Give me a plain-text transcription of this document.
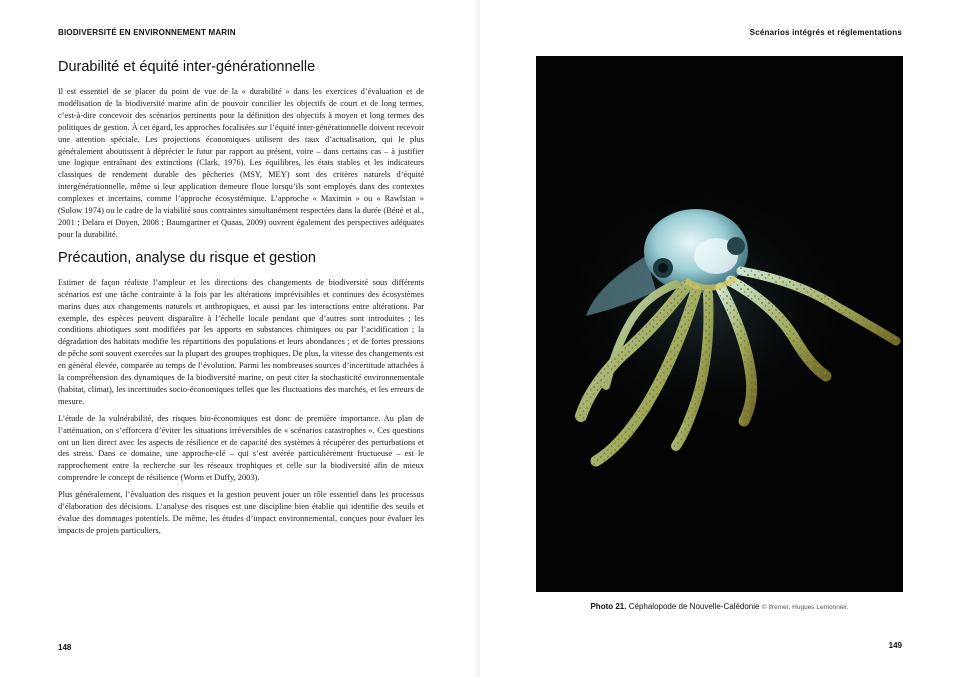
BIODIVERSITÉ EN ENVIRONNEMENT MARIN
Durabilité et équité inter-générationnelle

Il est essentiel de se placer du point de vue de la « durabilité » dans les exercices d’évaluation et de modélisation de la biodiversité marine afin de pouvoir concilier les objectifs de court et de long termes, c’est-à-dire concevoir des scénarios pertinents pour la définition des objectifs à moyen et long termes des politiques de gestion. À cet égard, les approches focalisées sur l’équité inter-générationnelle doivent recevoir une attention spéciale. Les projections économiques utilisent des taux d’actualisation, qui le plus généralement aboutissent à déprécier le futur par rapport au présent, voire – dans certains cas – à justifier une logique entraînant des extinctions (Clark, 1976). Les équilibres, les états stables et les indicateurs classiques de rendement durable des pêcheries (MSY, MEY) sont des critères naturels d’équité intergénérationnelle, même si leur application demeure floue lorsqu’ils sont employés dans des contextes complexes et incertains, comme l’approche écosystémique. L’approche « Maximin » ou « Rawlsian » (Solow 1974) ou le cadre de la viabilité sous contraintes simultanément respectées dans la durée (Béné et al., 2001 ; Delara et Doyen, 2008 ; Baumgartner et Quaas, 2009) ouvrent également des perspectives adéquates pour la durabilité.

Précaution, analyse du risque et gestion

Estimer de façon réaliste l’ampleur et les directions des changements de biodiversité sous différents scénarios est une tâche contrainte à la fois par les altérations imprévisibles et continues des écosystèmes marins dues aux changements naturels et anthropiques, et aussi par les interactions entre altérations. Par exemple, des espèces peuvent disparaître à l’échelle locale pendant que d’autres sont introduites ; les conditions abiotiques sont modifiées par les apports en substances chimiques ou par l’acidification ; la dégradation des habitats modifie les répartitions des populations et leurs abondances ; et de fortes pressions de pêche sont souvent exercées sur la plupart des groupes trophiques. De plus, la vitesse des changements est en général élevée, comparée au temps de l’évolution. Parmi les nombreuses sources d’incertitude attachées à la compréhension des dynamiques de la biodiversité marine, on peut citer la stochasticité environnementale (habitat, climat), les incertitudes socio-économiques telles que les fluctuations des marchés, et les erreurs de mesure.

L’étude de la vulnérabilité, des risques bio-économiques est donc de première importance. Au plan de l’atténuation, on s’efforcera d’éviter les situations irréversibles de « scénarios catastrophes ». Ces questions ont un lien direct avec les aspects de résilience et de capacité des systèmes à récupérer des perturbations et des stress. Dans ce domaine, une approche-clé – qui s’est avérée particulièrement fructueuse – est le rapprochement entre la recherche sur les réseaux trophiques et celle sur la biodiversité afin de mieux comprendre le concept de résilience (Worm et Duffy, 2003).

Plus généralement, l’évaluation des risques et la gestion peuvent jouer un rôle essentiel dans les processus d’élaboration des décisions. L’analyse des risques est une discipline bien établie qui identifie des seuils et évalue des dommages potentiels. De même, les études d’impact environnemental, conçues pour évaluer les impacts de projets particuliers,

148
Scénarios intégrés et réglementations
Photo 21. Céphalopode de Nouvelle-Calédonie © Ifremer, Hugues Lemonnier.
149
